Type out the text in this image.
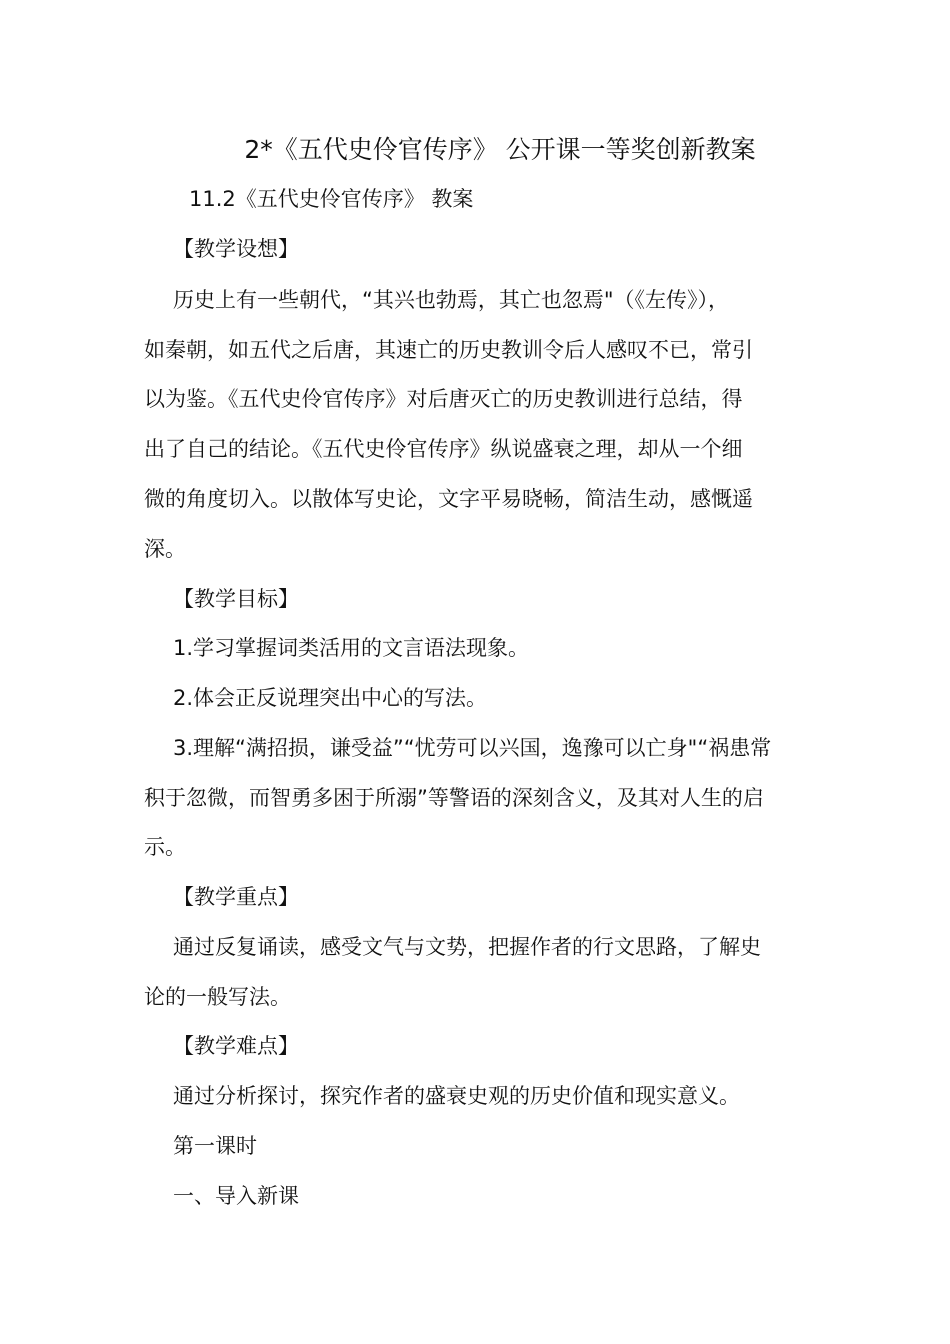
2*《五代史伶官传序》 公开课一等奖创新教案

11.2《五代史伶官传序》 教案

【教学设想】

历史上有一些朝代，“其兴也勃焉，其亡也忽焉"（《左传》），

如秦朝，如五代之后唐，其速亡的历史教训令后人感叹不已，常引

以为鉴。《五代史伶官传序》对后唐灭亡的历史教训进行总结，得

出了自己的结论。《五代史伶官传序》纵说盛衰之理，却从一个细

微的角度切入。以散体写史论，文字平易晓畅，简洁生动，感慨遥

深。

【教学目标】

1.学习掌握词类活用的文言语法现象。

2.体会正反说理突出中心的写法。

3.理解“满招损，谦受益”“忧劳可以兴国，逸豫可以亡身"“祸患常

积于忽微，而智勇多困于所溺”等警语的深刻含义，及其对人生的启

示。

【教学重点】

通过反复诵读，感受文气与文势，把握作者的行文思路，了解史

论的一般写法。

【教学难点】

通过分析探讨，探究作者的盛衰史观的历史价值和现实意义。

第一课时

一、导入新课
